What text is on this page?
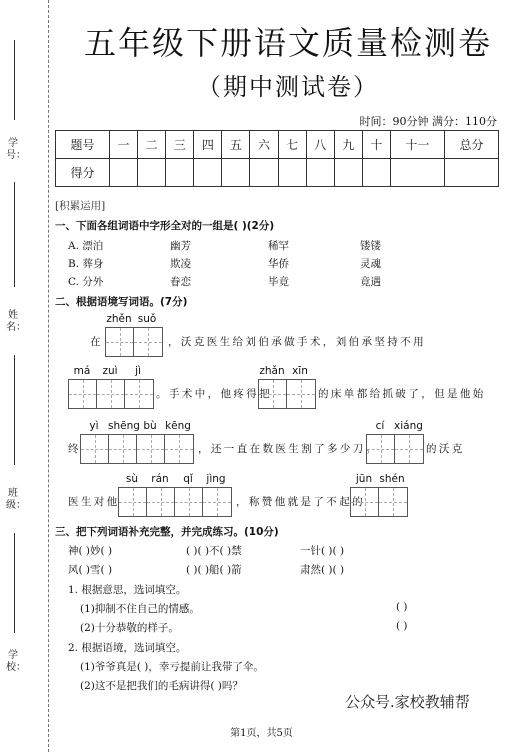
学号：
姓名：
班级：
学校：
五年级下册语文质量检测卷
（期中测试卷）
时间：90分钟 满分：110分
题号	一	二	三	四	五	六	七	八	九	十	十一	总分
得分												
[积累运用]
一、下面各组词语中字形全对的一组是( )(2分)
A. 漂泊	幽芳	稀罕	镂镂
B. 葬身	欺凌	华侨	灵魂
C. 分外	眷恋	毕竟	竟遇
二、根据语境写词语。(7分)
zhěn suǒ
在	，沃克医生给刘伯承做手术，刘伯承坚持不用
má	zuì	jì
。手术中，他疼得把
zhǎn xīn
的床单都给抓破了，但是他始
终
yì shēng bù kēng
，还一直在数医生割了多少刀。
cí xiáng
的沃克
医生对他
sù	rán	qǐ	jìng
，称赞他就是了不起的
jūn shén
三、把下列词语补充完整，并完成练习。(10分)
神( )妙( )	( )( )不( )禁	一针( )( )
风( )雪( )	( )( )船( )箭	肃然( )( )
1. 根据意思，选词填空。
(1)抑制不住自己的情感。	( )
(2)十分恭敬的样子。	( )
2. 根据语境，选词填空。
(1)爷爷真是( )，幸亏提前让我带了伞。
(2)这不是把我们的毛病讲得( )吗？
公众号.家校教辅帮
第1页，共5页
